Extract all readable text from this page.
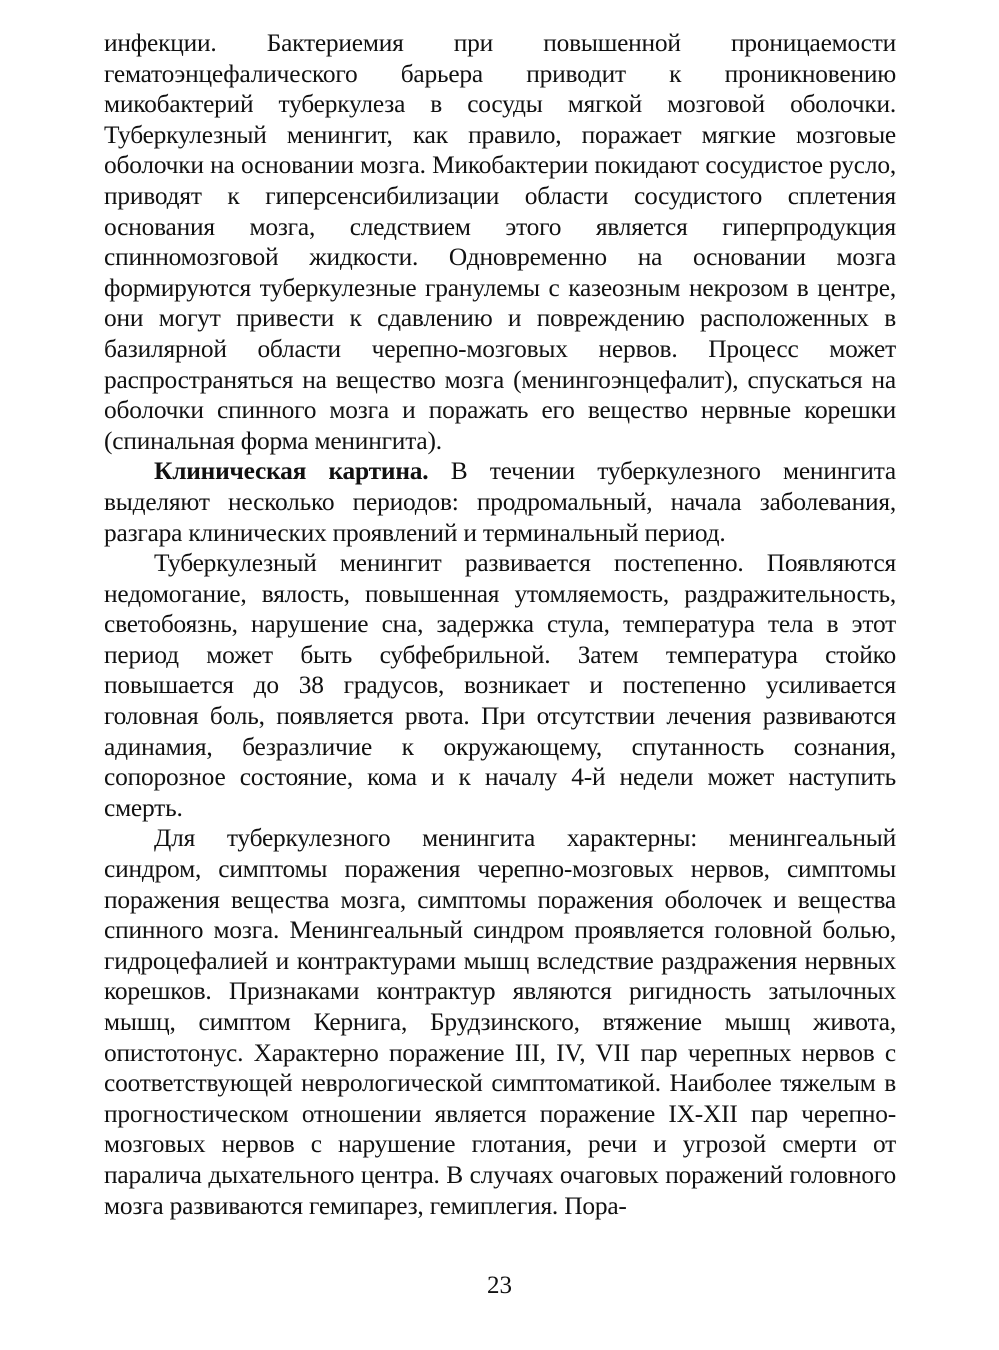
инфекции. Бактериемия при повышенной проницаемости гематоэнцефалического барьера приводит к проникновению микобактерий туберкулеза в сосуды мягкой мозговой оболочки. Туберкулезный менингит, как правило, поражает мягкие мозговые оболочки на основании мозга. Микобактерии покидают сосудистое русло, приводят к гиперсенсибилизации области сосудистого сплетения основания мозга, следствием этого является гиперпродукция спинномозговой жидкости. Одновременно на основании мозга формируются туберкулезные гранулемы с казеозным некрозом в центре, они могут привести к сдавлению и повреждению расположенных в базилярной области черепно-мозговых нервов. Процесс может распространяться на вещество мозга (менингоэнцефалит), спускаться на оболочки спинного мозга и поражать его вещество нервные корешки (спинальная форма менингита).

Клиническая картина. В течении туберкулезного менингита выделяют несколько периодов: продромальный, начала заболевания, разгара клинических проявлений и терминальный период.

Туберкулезный менингит развивается постепенно. Появляются недомогание, вялость, повышенная утомляемость, раздражительность, светобоязнь, нарушение сна, задержка стула, температура тела в этот период может быть субфебрильной. Затем температура стойко повышается до 38 градусов, возникает и постепенно усиливается головная боль, появляется рвота. При отсутствии лечения развиваются адинамия, безразличие к окружающему, спутанность сознания, сопорозное состояние, кома и к началу 4-й недели может наступить смерть.

Для туберкулезного менингита характерны: менингеальный синдром, симптомы поражения черепно-мозговых нервов, симптомы поражения вещества мозга, симптомы поражения оболочек и вещества спинного мозга. Менингеальный синдром проявляется головной болью, гидроцефалией и контрактурами мышц вследствие раздражения нервных корешков. Признаками контрактур являются ригидность затылочных мышц, симптом Кернига, Брудзинского, втяжение мышц живота, опистотонус. Характерно поражение III, IV, VII пар черепных нервов с соответствующей неврологической симптоматикой. Наиболее тяжелым в прогностическом отношении является поражение IX-XII пар черепно-мозговых нервов с нарушение глотания, речи и угрозой смерти от паралича дыхательного центра. В случаях очаговых поражений головного мозга развиваются гемипарез, гемиплегия. Пора-

23
